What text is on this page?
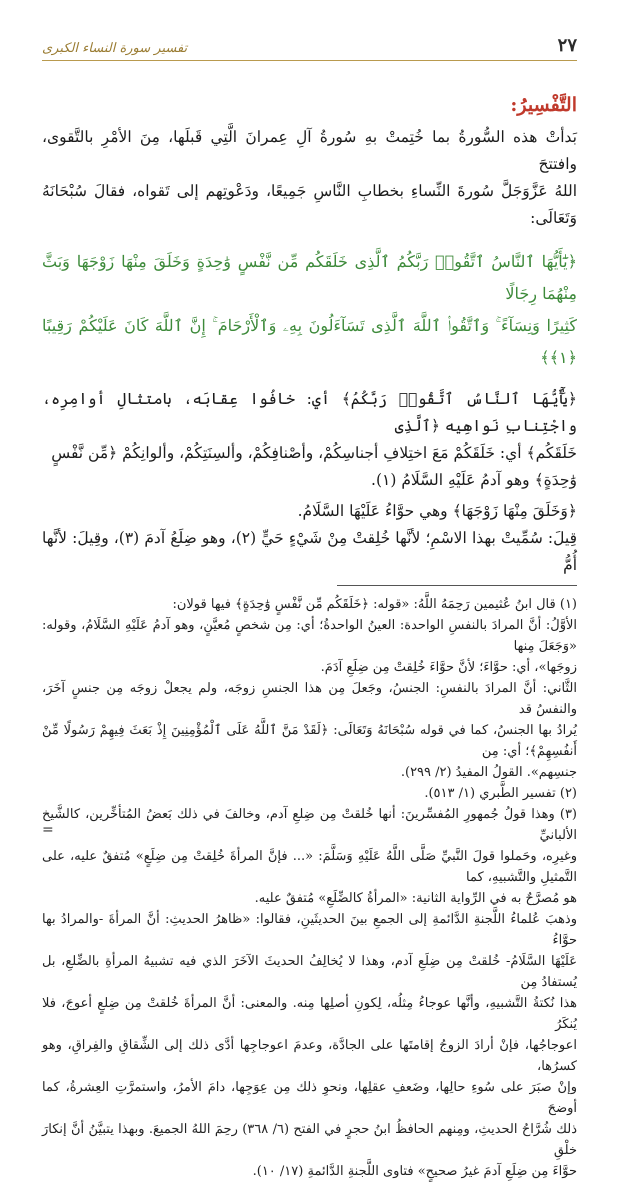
٢٧
تفسير سورة النساء الكبرى
التَّفْسِيرُ:

بَدأتْ هذه السُّورةُ بما خُتِمتْ بهِ سُورةُ آلِ عِمرانَ الَّتِي قَبلَها، مِنَ الأمْرِ بالتَّقوى، وافتتحَ

اللهُ عَزَّوَجَلَّ سُورةَ النِّساءِ بخطابِ النَّاسِ جَمِيعًا، ودَعْوتِهم إلى تَقواه، فقالَ سُبْحَانَهُ وَتَعَالَى:

﴿يَٰٓأَيُّهَا ٱلنَّاسُ ٱتَّقُوا۟ رَبَّكُمُ ٱلَّذِى خَلَقَكُم مِّن نَّفْسٍ وَٰحِدَةٍ وَخَلَقَ مِنْهَا زَوْجَهَا وَبَثَّ مِنْهُمَا رِجَالًا

كَثِيرًا وَنِسَآءً ۚ وَٱتَّقُوا۟ ٱللَّهَ ٱلَّذِى تَسَآءَلُونَ بِهِۦ وَٱلْأَرْحَامَ ۚ إِنَّ ٱللَّهَ كَانَ عَلَيْكُمْ رَقِيبًا ﴿١﴾﴾

﴿يَٰٓأَيُّهَا ٱلنَّاسُ ٱتَّقُوا۟ رَبَّكُمُ﴾ أي: خافُوا عِقابَه، بامتثالِ أوامِرِه، واجْتِنابِ نَواهِيه ﴿ٱلَّذِى

خَلَقَكُم﴾ أي: خَلَقَكُمْ مَعَ اختِلافِ أجناسِكُمْ، وأصْنافِكُمْ، وألسِنَتِكُمْ، وألوانِكُمْ ﴿مِّن نَّفْسٍ

وَٰحِدَةٍ﴾ وهو آدمُ عَلَيْهِ السَّلَامُ (١).

﴿وَخَلَقَ مِنْهَا زَوْجَهَا﴾ وهي حوَّاءُ عَلَيْهَا السَّلَامُ.

قِيلَ: سُمِّيتْ بهذا الاسْمِ؛ لأنَّها خُلِقتْ مِنْ شَيْءٍ حَيٍّ (٢)، وهو ضِلَعُ آدمَ (٣)، وقِيلَ: لأنَّها أُمُّ

(١) قال ابنُ عُثيمين رَحِمَهُ اللَّهُ: «قوله: ﴿خَلَقَكُم مِّن نَّفْسٍ وَٰحِدَةٍ﴾ فيها قولان:

الأوَّلُ: أنَّ المرادَ بالنفسِ الواحدة: العينُ الواحدةُ؛ أي: مِن شخصٍ مُعيَّنٍ، وهو آدمُ عَلَيْهِ السَّلَامُ، وقوله: «وَجَعَلَ مِنها

زوجَها»، أي: حوَّاءَ؛ لأنَّ حوَّاءَ خُلِقتْ مِن ضِلَعِ آدَمَ.

الثَّاني: أنَّ المرادَ بالنفسِ: الجنسُ، وجَعلَ مِن هذا الجنسِ زوجَه، ولم يجعلْ زوجَه مِن جنسٍ آخَرَ، والنفسُ قد

يُرادُ بها الجنسُ، كما في قوله سُبْحَانَهُ وَتَعَالَى: ﴿لَقَدْ مَنَّ ٱللَّهُ عَلَى ٱلْمُؤْمِنِينَ إِذْ بَعَثَ فِيهِمْ رَسُولًا مِّنْ أَنفُسِهِمْ﴾؛ أي: مِن

جنسِهم». القولُ المفيدُ (٢/ ٢٩٩).

(٢) تفسير الطَّبري (١/ ٥١٣).

(٣) وهذا قولُ جُمهورِ المُفسِّرينَ: أنها خُلقتْ مِن ضِلعِ آدم، وخالفَ في ذلك بَعضُ المُتأخِّرين، كالشَّيخ الألبانيِّ

وغيرِه، وحَملوا قولَ النَّبيِّ صَلَّى اللَّهُ عَلَيْهِ وَسَلَّمَ: «... فإنَّ المرأةَ خُلِقتْ مِن ضِلَعٍ» مُتفقٌ عليه، على التَّمثيلِ والتَّشبيهِ، كما

هو مُصرَّحٌ به في الرِّواية الثانية: «المرأةُ كالضِّلَعِ» مُتفقٌ عليه.

وذهبَ عُلماءُ اللَّجنةِ الدَّائمةِ إلى الجمعِ بينَ الحديثَينِ، فقالوا: «ظاهرُ الحديثِ: أنَّ المرأةَ -والمرادُ بها حوَّاءُ

عَلَيْهَا السَّلَامُ- خُلقتْ مِن ضِلَعِ آدم، وهذا لا يُخالِفُ الحديثَ الآخَرَ الذي فيه تشبيهُ المرأةِ بالضِّلعِ، بل يُستفادُ مِن

هذا نُكتةُ التَّشبيهِ، وأنَّها عوجاءُ مِثلُه، لِكونِ أصلِها مِنه. والمعنى: أنَّ المرأةَ خُلقتْ مِن ضِلعٍ أعوجَ، فلا يُنكَرُ

اعوجاجُها، فإنْ أرادَ الزوجُ إقامتَها على الجادَّة، وعدمَ اعوجاجِها أدَّى ذلك إلى الشِّقاقِ والفِراقِ، وهو كسرُها،

وإنْ صبَرَ على سُوءِ حالِها، وضَعفِ عقلِها، ونحوِ ذلك مِن عِوَجِها، دامَ الأمرُ، واستمرَّتِ العِشرةُ، كما أوضحَ

ذلك شُرَّاحُ الحديثِ، ومِنهم الحافظُ ابنُ حجرٍ في الفتح (٦/ ٣٦٨) رحِمَ اللهُ الجميعَ. وبهذا يتبيَّنُ أنَّ إنكارَ خلْقِ

حوَّاءَ مِن ضِلَعِ آدمَ غيرُ صحيحٍ» فتاوى اللَّجنةِ الدَّائمةِ (١٧/ ١٠).

=
